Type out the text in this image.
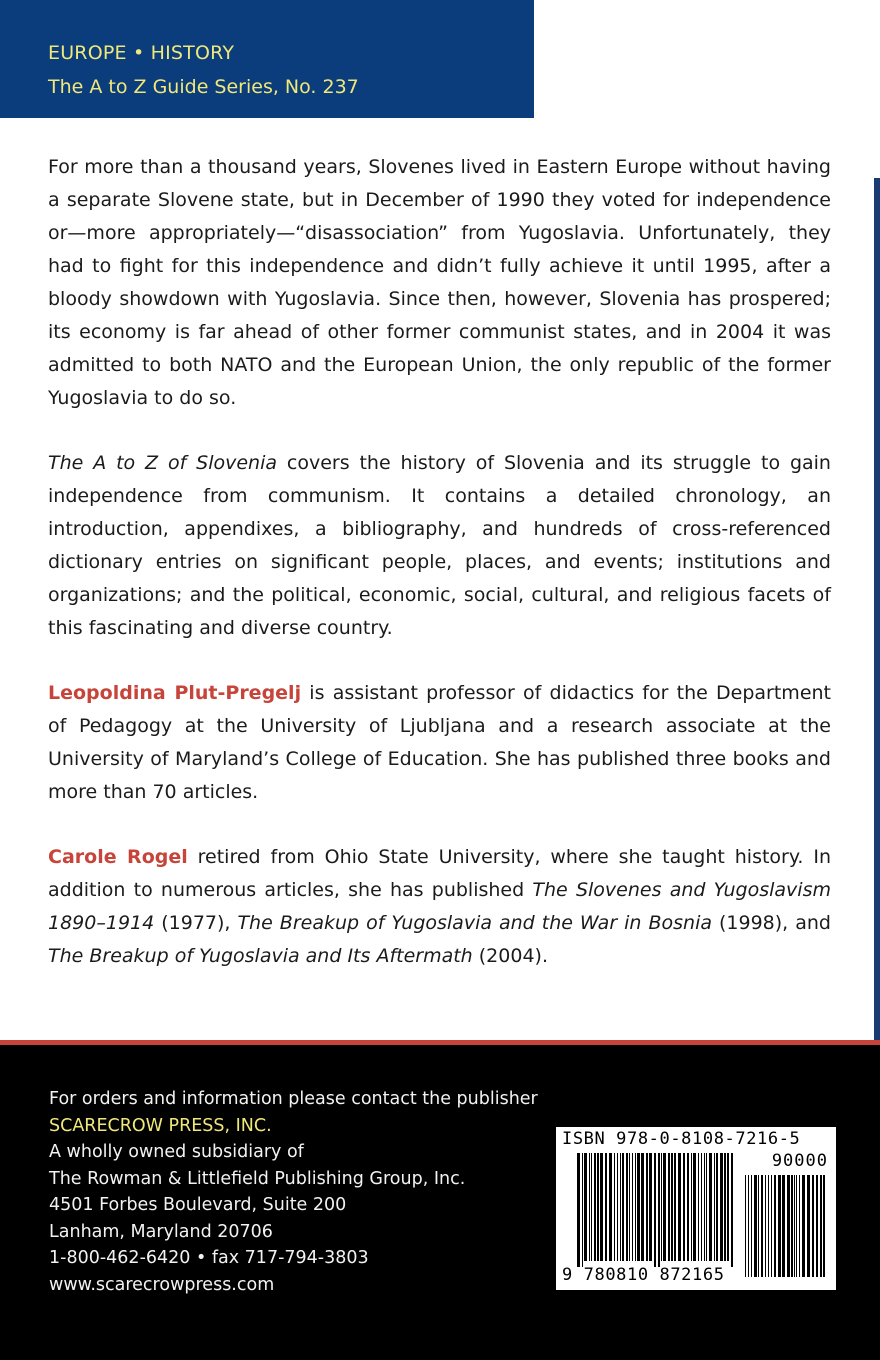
EUROPE • HISTORY
The A to Z Guide Series, No. 237

For more than a thousand years, Slovenes lived in Eastern Europe without having a separate Slovene state, but in December of 1990 they voted for independence or—more appropriately—“disassociation” from Yugoslavia. Unfortunately, they had to fight for this independence and didn’t fully achieve it until 1995, after a bloody showdown with Yugoslavia. Since then, however, Slovenia has prospered; its economy is far ahead of other former communist states, and in 2004 it was admitted to both NATO and the European Union, the only republic of the former Yugoslavia to do so.

The A to Z of Slovenia covers the history of Slovenia and its struggle to gain independence from communism. It contains a detailed chronology, an introduction, appendixes, a bibliography, and hundreds of cross-referenced dictionary entries on significant people, places, and events; institutions and organizations; and the political, economic, social, cultural, and religious facets of this fascinating and diverse country.

Leopoldina Plut-Pregelj is assistant professor of didactics for the Department of Pedagogy at the University of Ljubljana and a research associate at the University of Maryland’s College of Education. She has published three books and more than 70 articles.

Carole Rogel retired from Ohio State University, where she taught history. In addition to numerous articles, she has published The Slovenes and Yugoslavism 1890–1914 (1977), The Breakup of Yugoslavia and the War in Bosnia (1998), and The Breakup of Yugoslavia and Its Aftermath (2004).

For orders and information please contact the publisher
SCARECROW PRESS, INC.
A wholly owned subsidiary of
The Rowman & Littlefield Publishing Group, Inc.
4501 Forbes Boulevard, Suite 200
Lanham, Maryland 20706
1-800-462-6420 • fax 717-794-3803
www.scarecrowpress.com
ISBN 978-0-8108-7216-5
90000
9 780810 872165
